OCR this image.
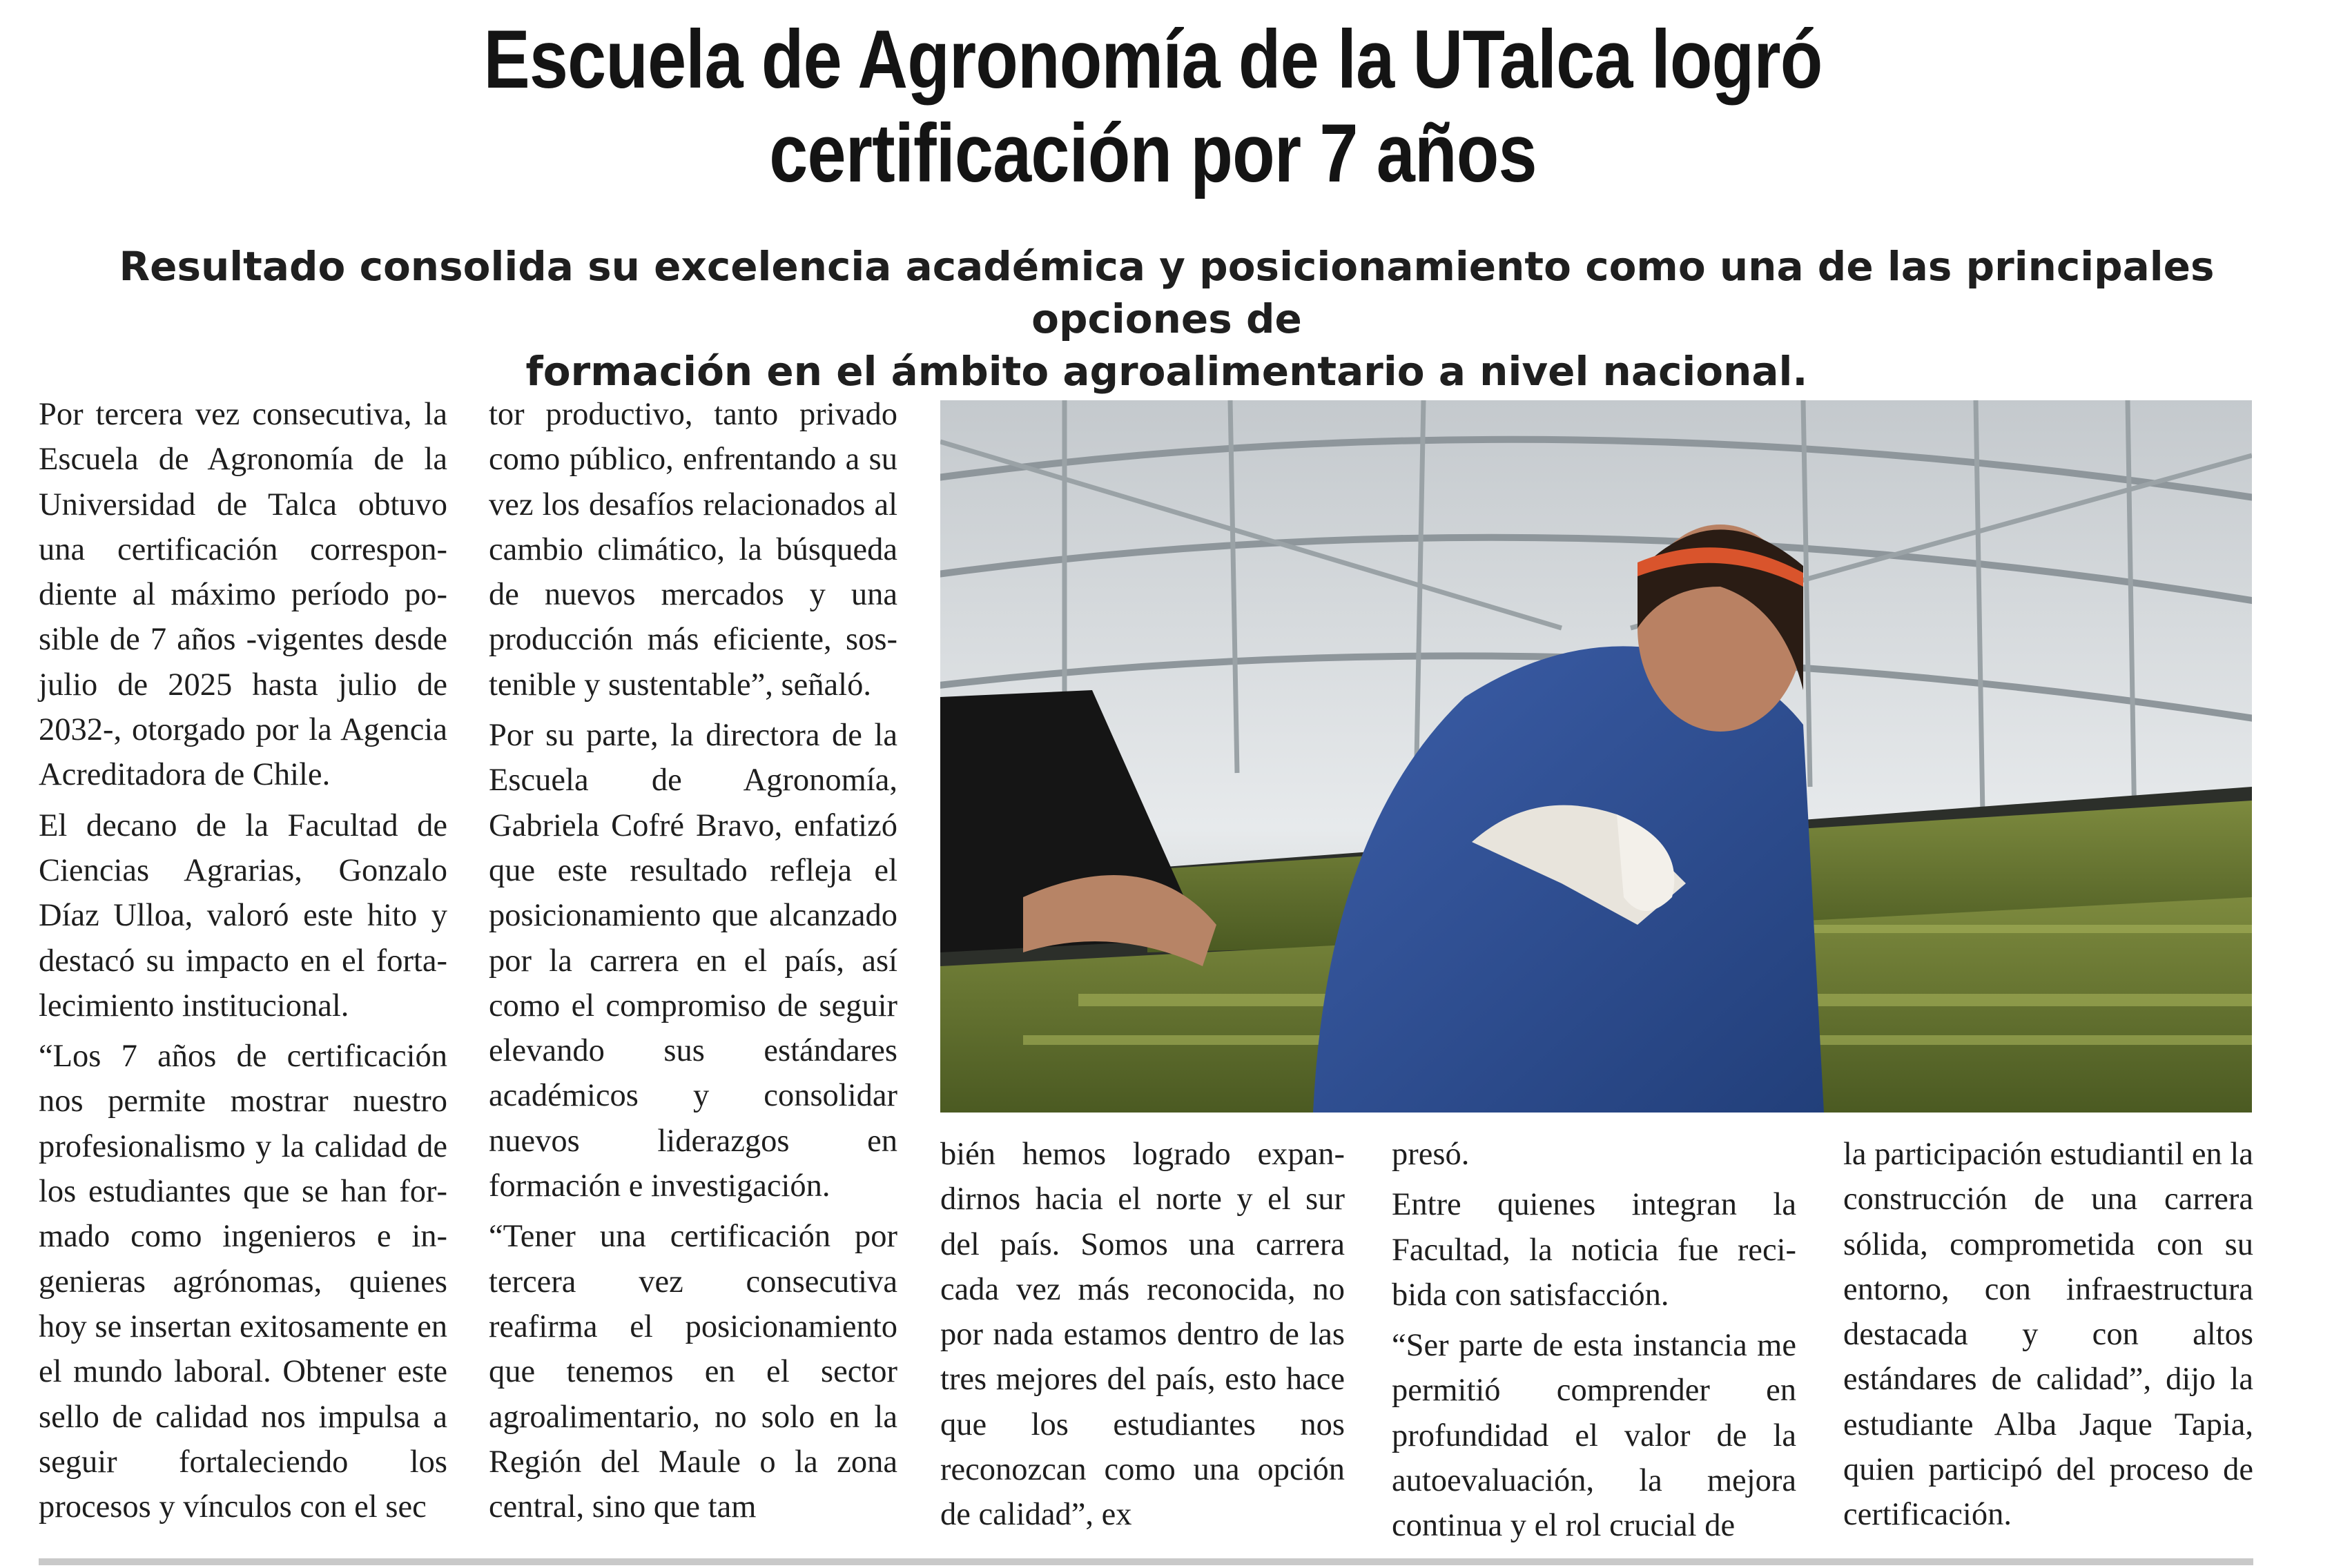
Escuela de Agronomía de la UTalca logró
certificación por 7 años
Resultado consolida su excelencia académica y posicionamiento como una de las principales opciones de
formación en el ámbito agroalimentario a nivel nacional.

Por tercera vez consecutiva, la Escuela de Agronomía de la Universidad de Talca obtuvo una certificación correspondiente al máximo período posible de 7 años -vigentes desde julio de 2025 hasta julio de 2032-, otorgado por la Agencia Acreditadora de Chile.

El decano de la Facultad de Ciencias Agrarias, Gonzalo Díaz Ulloa, valoró este hito y destacó su impacto en el fortalecimiento institucional.

“Los 7 años de certificación nos permite mostrar nuestro profesionalismo y la calidad de los estudiantes que se han formado como ingenieros e ingenieras agrónomas, quienes hoy se insertan exitosamente en el mundo laboral. Obtener este sello de calidad nos impulsa a seguir fortaleciendo los procesos y vínculos con el sec

tor productivo, tanto privado como público, enfrentando a su vez los desafíos relacionados al cambio climático, la búsqueda de nuevos mercados y una producción más eficiente, sostenible y sustentable”, señaló.

Por su parte, la directora de la Escuela de Agronomía, Gabriela Cofré Bravo, enfatizó que este resultado refleja el posicionamiento que alcanzado por la carrera en el país, así como el compromiso de seguir elevando sus estándares académicos y consolidar nuevos liderazgos en formación e investigación.

“Tener una certificación por tercera vez consecutiva reafirma el posicionamiento que tenemos en el sector agroalimentario, no solo en la Región del Maule o la zona central, sino que tam

bién hemos logrado expandirnos hacia el norte y el sur del país. Somos una carrera cada vez más reconocida, no por nada estamos dentro de las tres mejores del país, esto hace que los estudiantes nos reconozcan como una opción de calidad”, ex

presó.

Entre quienes integran la Facultad, la noticia fue recibida con satisfacción.

“Ser parte de esta instancia me permitió comprender en profundidad el valor de la autoevaluación, la mejora continua y el rol crucial de

la participación estudiantil en la construcción de una carrera sólida, comprometida con su entorno, con infraestructura destacada y con altos estándares de calidad”, dijo la estudiante Alba Jaque Tapia, quien participó del proceso de certificación.
